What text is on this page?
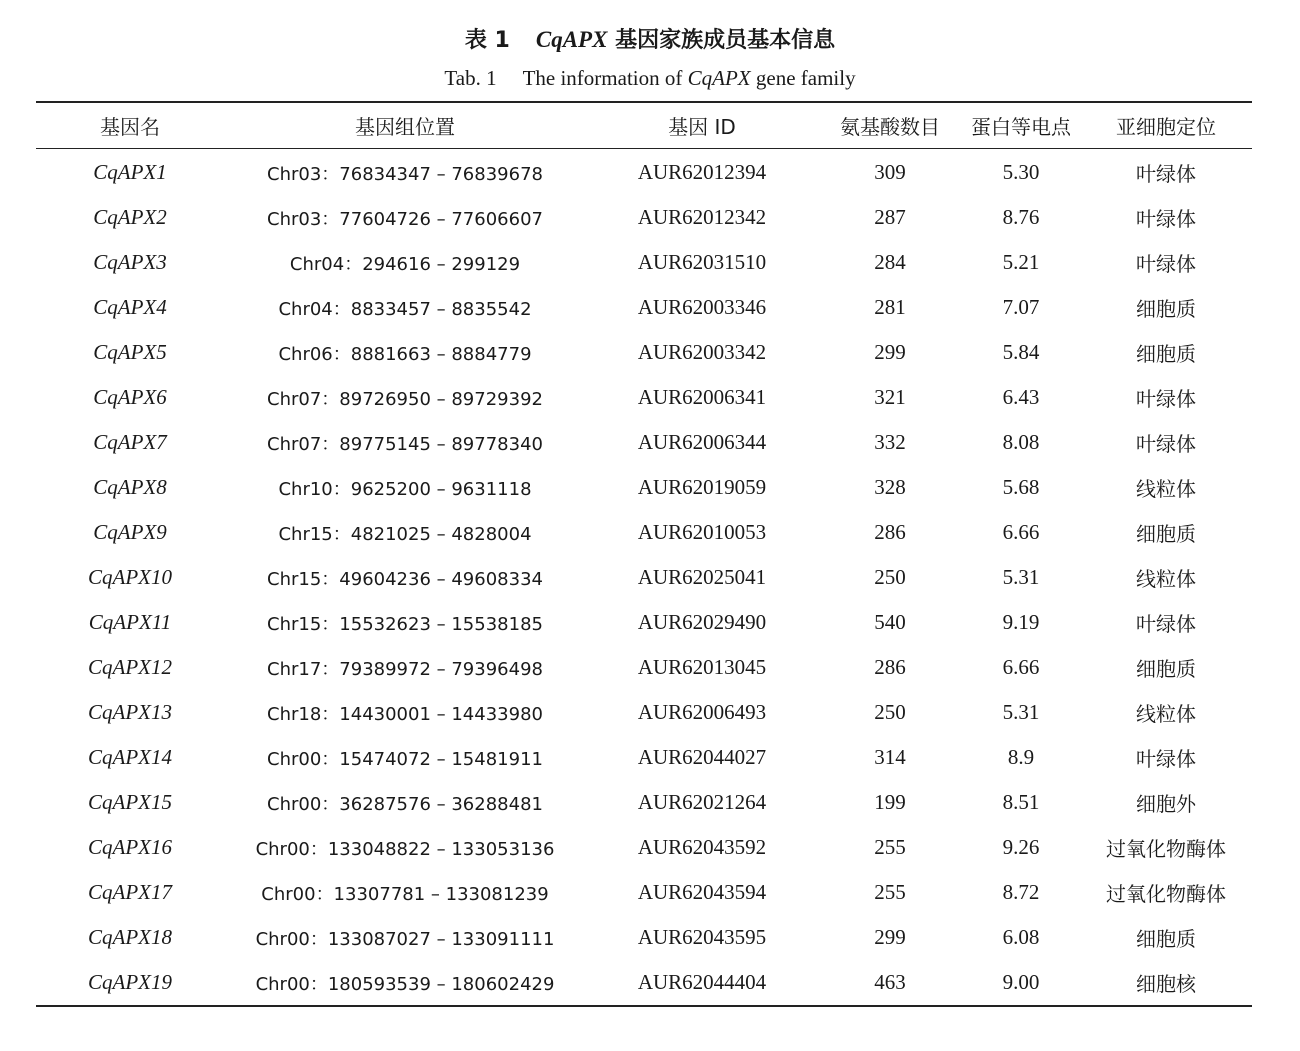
表 1 CqAPX 基因家族成员基本信息
Tab. 1 The information of CqAPX gene family
基因名	基因组位置	基因 ID	氨基酸数目	蛋白等电点	亚细胞定位
CqAPX1	Chr03：76834347 – 76839678	AUR62012394	309	5.30	叶绿体
CqAPX2	Chr03：77604726 – 77606607	AUR62012342	287	8.76	叶绿体
CqAPX3	Chr04：294616 – 299129	AUR62031510	284	5.21	叶绿体
CqAPX4	Chr04：8833457 – 8835542	AUR62003346	281	7.07	细胞质
CqAPX5	Chr06：8881663 – 8884779	AUR62003342	299	5.84	细胞质
CqAPX6	Chr07：89726950 – 89729392	AUR62006341	321	6.43	叶绿体
CqAPX7	Chr07：89775145 – 89778340	AUR62006344	332	8.08	叶绿体
CqAPX8	Chr10：9625200 – 9631118	AUR62019059	328	5.68	线粒体
CqAPX9	Chr15：4821025 – 4828004	AUR62010053	286	6.66	细胞质
CqAPX10	Chr15：49604236 – 49608334	AUR62025041	250	5.31	线粒体
CqAPX11	Chr15：15532623 – 15538185	AUR62029490	540	9.19	叶绿体
CqAPX12	Chr17：79389972 – 79396498	AUR62013045	286	6.66	细胞质
CqAPX13	Chr18：14430001 – 14433980	AUR62006493	250	5.31	线粒体
CqAPX14	Chr00：15474072 – 15481911	AUR62044027	314	8.9	叶绿体
CqAPX15	Chr00：36287576 – 36288481	AUR62021264	199	8.51	细胞外
CqAPX16	Chr00：133048822 – 133053136	AUR62043592	255	9.26	过氧化物酶体
CqAPX17	Chr00：13307781 – 133081239	AUR62043594	255	8.72	过氧化物酶体
CqAPX18	Chr00：133087027 – 133091111	AUR62043595	299	6.08	细胞质
CqAPX19	Chr00：180593539 – 180602429	AUR62044404	463	9.00	细胞核
